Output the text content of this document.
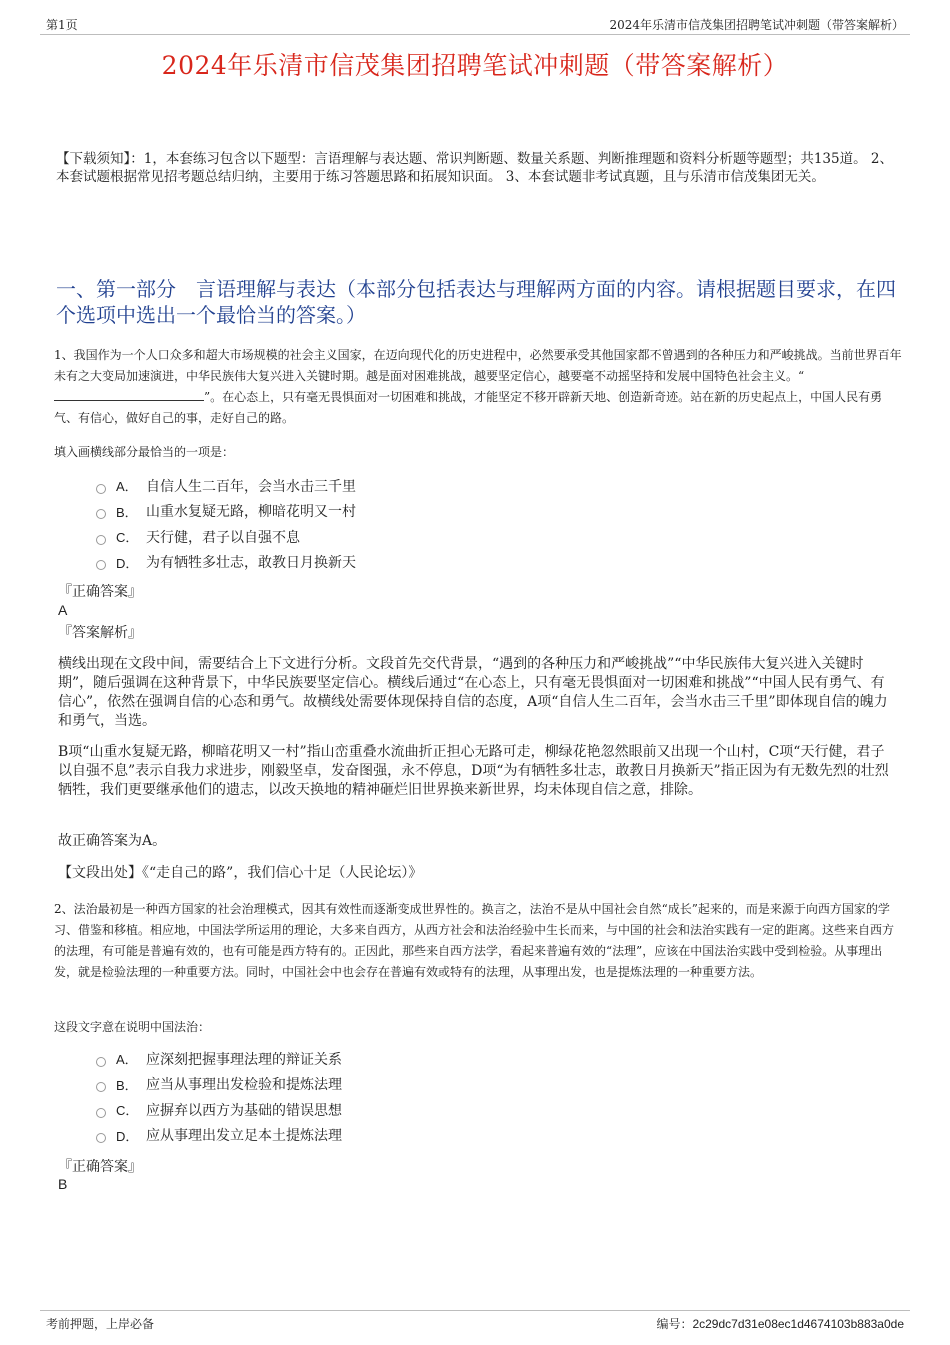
第1页	2024年乐清市信茂集团招聘笔试冲刺题（带答案解析）
2024年乐清市信茂集团招聘笔试冲刺题（带答案解析）
【下载须知】：1，本套练习包含以下题型：言语理解与表达题、常识判断题、数量关系题、判断推理题和资料分析题等题型；共135道。 2、本套试题根据常见招考题总结归纳，主要用于练习答题思路和拓展知识面。 3、本套试题非考试真题，且与乐清市信茂集团无关。
一、第一部分　言语理解与表达（本部分包括表达与理解两方面的内容。请根据题目要求，在四个选项中选出一个最恰当的答案。）
1、我国作为一个人口众多和超大市场规模的社会主义国家，在迈向现代化的历史进程中，必然要承受其他国家都不曾遇到的各种压力和严峻挑战。当前世界百年未有之大变局加速演进，中华民族伟大复兴进入关键时期。越是面对困难挑战，越要坚定信心，越要毫不动摇坚持和发展中国特色社会主义。“”。在心态上，只有毫无畏惧面对一切困难和挑战，才能坚定不移开辟新天地、创造新奇迹。站在新的历史起点上，中国人民有勇气、有信心，做好自己的事，走好自己的路。
填入画横线部分最恰当的一项是：
A． 自信人生二百年，会当水击三千里
B． 山重水复疑无路，柳暗花明又一村
C． 天行健，君子以自强不息
D． 为有牺牲多壮志，敢教日月换新天
『正确答案』
A
『答案解析』
横线出现在文段中间，需要结合上下文进行分析。文段首先交代背景，“遇到的各种压力和严峻挑战”“中华民族伟大复兴进入关键时期”，随后强调在这种背景下，中华民族要坚定信心。横线后通过“在心态上，只有毫无畏惧面对一切困难和挑战”“中国人民有勇气、有信心”，依然在强调自信的心态和勇气。故横线处需要体现保持自信的态度，A项“自信人生二百年，会当水击三千里”即体现自信的魄力和勇气，当选。
B项“山重水复疑无路，柳暗花明又一村”指山峦重叠水流曲折正担心无路可走，柳绿花艳忽然眼前又出现一个山村，C项“天行健，君子以自强不息”表示自我力求进步，刚毅坚卓，发奋图强，永不停息，D项“为有牺牲多壮志，敢教日月换新天”指正因为有无数先烈的壮烈牺牲，我们更要继承他们的遗志，以改天换地的精神砸烂旧世界换来新世界，均未体现自信之意，排除。
故正确答案为A。
【文段出处】《“走自己的路”，我们信心十足（人民论坛）》
2、法治最初是一种西方国家的社会治理模式，因其有效性而逐渐变成世界性的。换言之，法治不是从中国社会自然“成长”起来的，而是来源于向西方国家的学习、借鉴和移植。相应地，中国法学所运用的理论，大多来自西方，从西方社会和法治经验中生长而来，与中国的社会和法治实践有一定的距离。这些来自西方的法理，有可能是普遍有效的，也有可能是西方特有的。正因此，那些来自西方法学，看起来普遍有效的“法理”，应该在中国法治实践中受到检验。从事理出发，就是检验法理的一种重要方法。同时，中国社会中也会存在普遍有效或特有的法理，从事理出发，也是提炼法理的一种重要方法。
这段文字意在说明中国法治：
A． 应深刻把握事理法理的辩证关系
B． 应当从事理出发检验和提炼法理
C． 应摒弃以西方为基础的错误思想
D． 应从事理出发立足本土提炼法理
『正确答案』
B
考前押题，上岸必备	编号：2c29dc7d31e08ec1d4674103b883a0de
